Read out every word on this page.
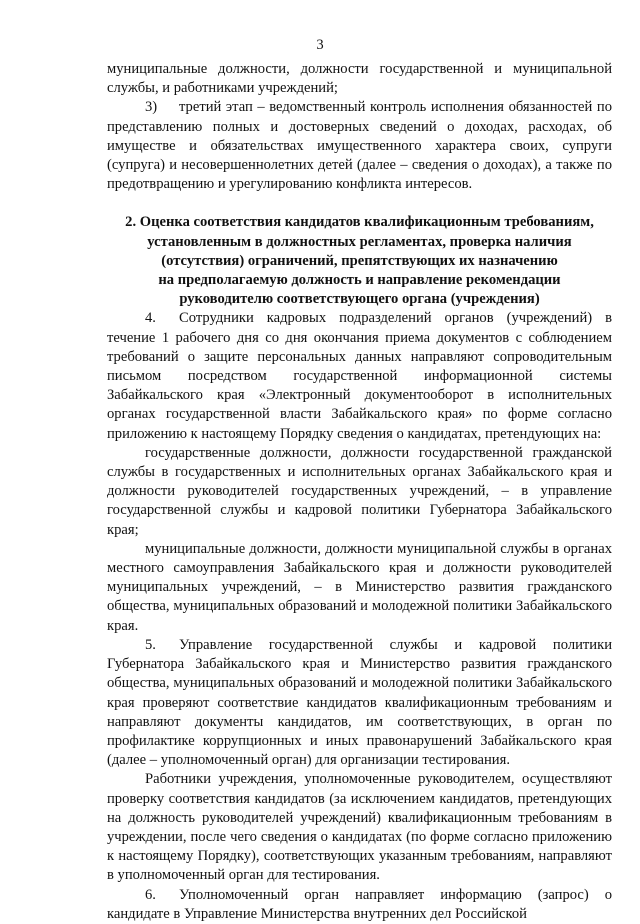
3

муниципальные должности, должности государственной и муниципальной службы, и работниками учреждений;

3) третий этап – ведомственный контроль исполнения обязанностей по представлению полных и достоверных сведений о доходах, расходах, об имуществе и обязательствах имущественного характера своих, супруги (супруга) и несовершеннолетних детей (далее – сведения о доходах), а также по предотвращению и урегулированию конфликта интересов.

2. Оценка соответствия кандидатов квалификационным требованиям,
установленным в должностных регламентах, проверка наличия
(отсутствия) ограничений, препятствующих их назначению
на предполагаемую должность и направление рекомендации
руководителю соответствующего органа (учреждения)

4. Сотрудники кадровых подразделений органов (учреждений) в течение 1 рабочего дня со дня окончания приема документов с соблюдением требований о защите персональных данных направляют сопроводительным письмом посредством государственной информационной системы Забайкальского края «Электронный документооборот в исполнительных органах государственной власти Забайкальского края» по форме согласно приложению к настоящему Порядку сведения о кандидатах, претендующих на:

государственные должности, должности государственной гражданской службы в государственных и исполнительных органах Забайкальского края и должности руководителей государственных учреждений, – в управление государственной службы и кадровой политики Губернатора Забайкальского края;

муниципальные должности, должности муниципальной службы в органах местного самоуправления Забайкальского края и должности руководителей муниципальных учреждений, – в Министерство развития гражданского общества, муниципальных образований и молодежной политики Забайкальского края.

5. Управление государственной службы и кадровой политики Губернатора Забайкальского края и Министерство развития гражданского общества, муниципальных образований и молодежной политики Забайкальского края проверяют соответствие кандидатов квалификационным требованиям и направляют документы кандидатов, им соответствующих, в орган по профилактике коррупционных и иных правонарушений Забайкальского края (далее – уполномоченный орган) для организации тестирования.

Работники учреждения, уполномоченные руководителем, осуществляют проверку соответствия кандидатов (за исключением кандидатов, претендующих на должность руководителей учреждений) квалификационным требованиям в учреждении, после чего сведения о кандидатах (по форме согласно приложению к настоящему Порядку), соответствующих указанным требованиям, направляют в уполномоченный орган для тестирования.

6. Уполномоченный орган направляет информацию (запрос) о кандидате в Управление Министерства внутренних дел Российской
